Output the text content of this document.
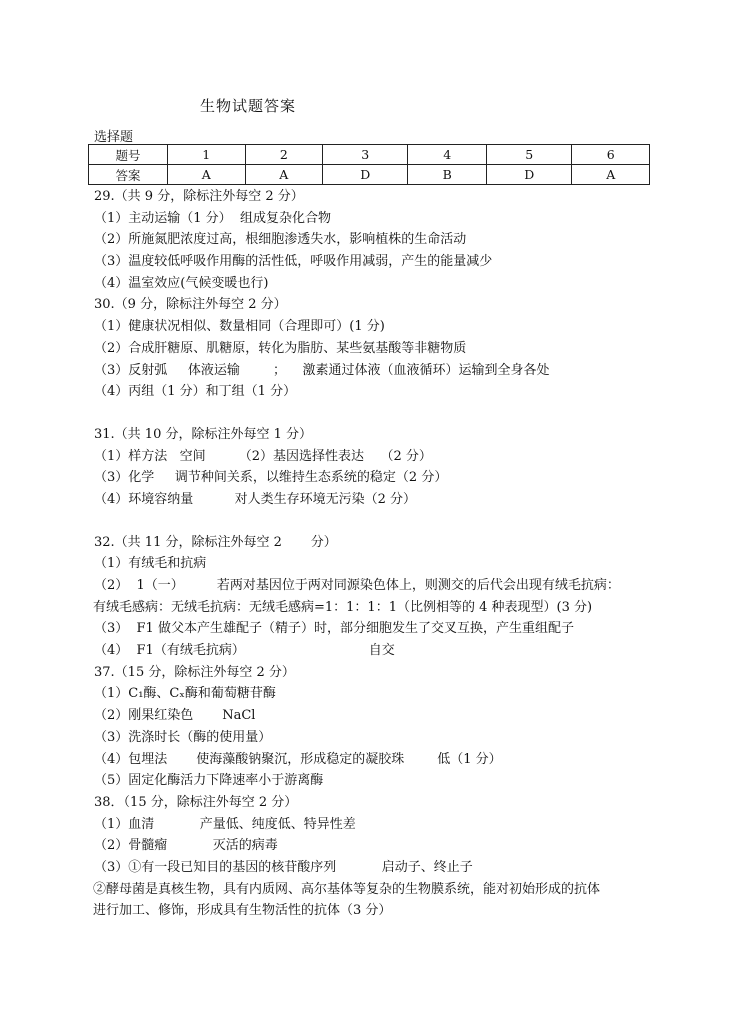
生物试题答案
选择题
题号	1	2	3	4	5	6
答案	A	A	D	B	D	A
29.（共 9 分，除标注外每空 2 分）
（1）主动运输（1 分）  组成复杂化合物
（2）所施氮肥浓度过高，根细胞渗透失水，影响植株的生命活动
（3）温度较低呼吸作用酶的活性低，呼吸作用减弱，产生的能量减少
（4）温室效应(气候变暖也行)
30.（9 分，除标注外每空 2 分）
（1）健康状况相似、数量相同（合理即可）(1 分)
（2）合成肝糖原、肌糖原，转化为脂肪、某些氨基酸等非糖物质
（3）反射弧     体液运输        ；    激素通过体液（血液循环）运输到全身各处
（4）丙组（1 分）和丁组（1 分）
31.（共 10 分，除标注外每空 1 分）
（1）样方法   空间        （2）基因选择性表达    （2 分）
（3）化学     调节种间关系，以维持生态系统的稳定（2 分）
（4）环境容纳量          对人类生存环境无污染（2 分）
32.（共 11 分，除标注外每空 2       分）
（1）有绒毛和抗病
（2）  1（一）        若两对基因位于两对同源染色体上，则测交的后代会出现有绒毛抗病：
有绒毛感病：无绒毛抗病：无绒毛感病=1：1：1：1（比例相等的 4 种表现型）(3 分)
（3）  F1 做父本产生雄配子（精子）时，部分细胞发生了交叉互换，产生重组配子
（4）  F1（有绒毛抗病）                              自交
37.（15 分，除标注外每空 2 分）
（1）C₁酶、Cₓ酶和葡萄糖苷酶
（2）刚果红染色       NaCl
（3）洗涤时长（酶的使用量）
（4）包埋法       使海藻酸钠聚沉，形成稳定的凝胶珠        低（1 分）
（5）固定化酶活力下降速率小于游离酶
38．（15 分，除标注外每空 2 分）
（1）血清           产量低、纯度低、特异性差
（2）骨髓瘤           灭活的病毒
（3）①有一段已知目的基因的核苷酸序列           启动子、终止子
②酵母菌是真核生物，具有内质网、高尔基体等复杂的生物膜系统，能对初始形成的抗体
进行加工、修饰，形成具有生物活性的抗体（3 分）
